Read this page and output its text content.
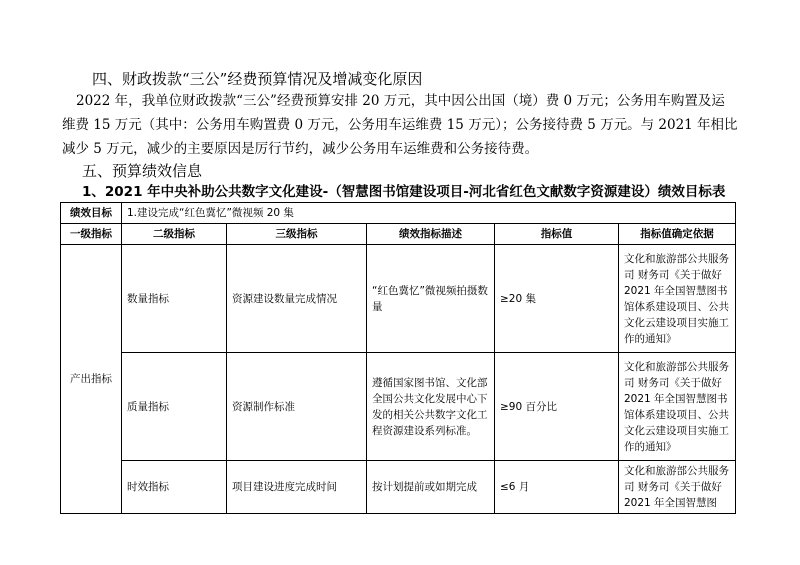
四、财政拨款“三公”经费预算情况及增减变化原因
2022 年，我单位财政拨款“三公”经费预算安排 20 万元，其中因公出国（境）费 0 万元；公务用车购置及运维费 15 万元（其中：公务用车购置费 0 万元，公务用车运维费 15 万元）；公务接待费 5 万元。与 2021 年相比减少 5 万元，减少的主要原因是厉行节约，减少公务用车运维费和公务接待费。
五、预算绩效信息
1、2021 年中央补助公共数字文化建设-（智慧图书馆建设项目-河北省红色文献数字资源建设）绩效目标表
绩效目标	1.建设完成“红色冀忆”微视频 20 集				
一级指标	二级指标	三级指标	绩效指标描述	指标值	指标值确定依据
产出指标	数量指标	资源建设数量完成情况	“红色冀忆”微视频拍摄数量	≥20 集	文化和旅游部公共服务司 财务司《关于做好 2021 年全国智慧图书馆体系建设项目、公共文化云建设项目实施工作的通知》
	质量指标	资源制作标准	遵循国家图书馆、文化部全国公共文化发展中心下发的相关公共数字文化工程资源建设系列标准。	≥90 百分比	文化和旅游部公共服务司 财务司《关于做好 2021 年全国智慧图书馆体系建设项目、公共文化云建设项目实施工作的通知》
	时效指标	项目建设进度完成时间	按计划提前或如期完成	≤6 月	文化和旅游部公共服务司 财务司《关于做好 2021 年全国智慧图
